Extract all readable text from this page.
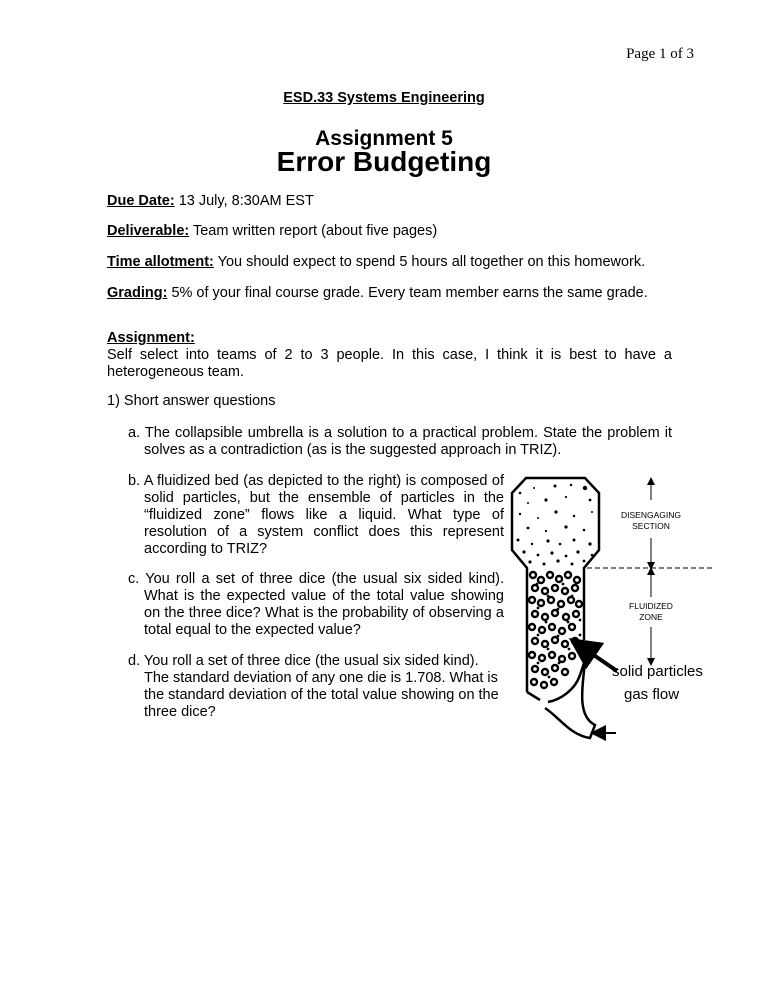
Page 1 of 3
ESD.33 Systems Engineering
Assignment 5
Error Budgeting
Due Date: 13 July, 8:30AM EST
Deliverable: Team written report (about five pages)
Time allotment: You should expect to spend 5 hours all together on this homework.
Grading: 5% of your final course grade. Every team member earns the same grade.
Assignment:
Self select into teams of 2 to 3 people. In this case, I think it is best to have a heterogeneous team.
1) Short answer questions
a. The collapsible umbrella is a solution to a practical problem. State the problem it solves as a contradiction (as is the suggested approach in TRIZ).
b. A fluidized bed (as depicted to the right) is composed of solid particles, but the ensemble of particles in the “fluidized zone” flows like a liquid. What type of resolution of a system conflict does this represent according to TRIZ?
c. You roll a set of three dice (the usual six sided kind). What is the expected value of the total value showing on the three dice? What is the probability of observing a total equal to the expected value?
d. You roll a set of three dice (the usual six sided kind). The standard deviation of any one die is 1.708. What is the standard deviation of the total value showing on the three dice?
DISENGAGING
SECTION
FLUIDIZED
ZONE
solid particles
gas flow
